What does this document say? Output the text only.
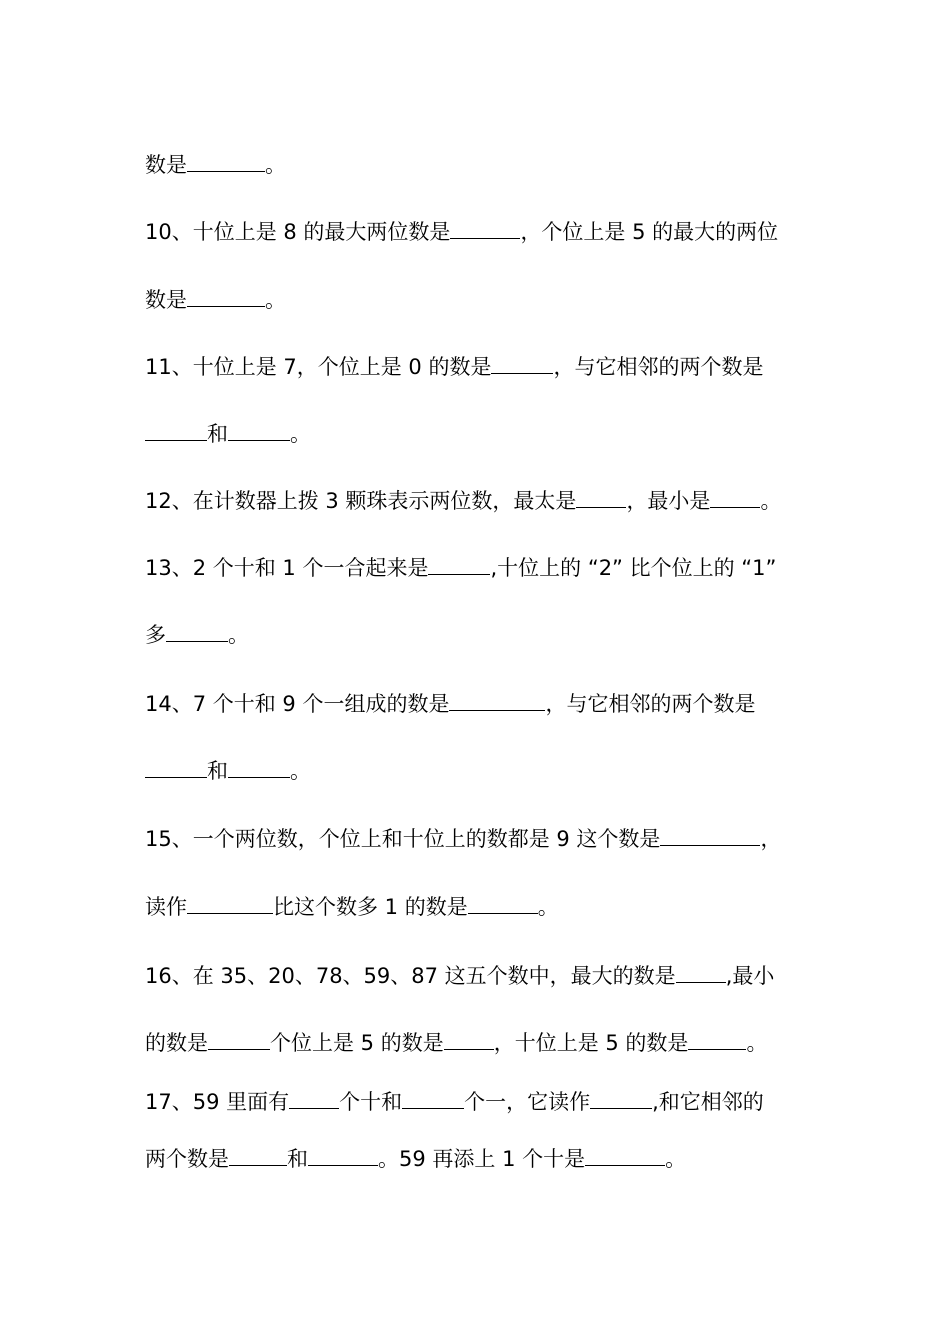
数是	。
10、十位上是 8 的最大两位数是	，个位上是 5 的最大的两位
数是	。
11、十位上是 7，个位上是 0 的数是	，与它相邻的两个数是
和	。
12、在计数器上拨 3 颗珠表示两位数，最太是 ，最小是 。
13、2 个十和 1 个一合起来是	,十位上的 “2” 比个位上的 “1”
多	。
14、7 个十和 9 个一组成的数是	，与它相邻的两个数是
和	。
15、一个两位数，个位上和十位上的数都是 9 这个数是	，
读作	比这个数多 1 的数是	。
16、在 35、20、78、59、87 这五个数中，最大的数是 ,最小
的数是	个位上是 5 的数是 ，十位上是 5 的数是	。
17、59 里面有 个十和	个一，它读作	,和它相邻的
两个数是	和	。59 再添上 1 个十是	。
